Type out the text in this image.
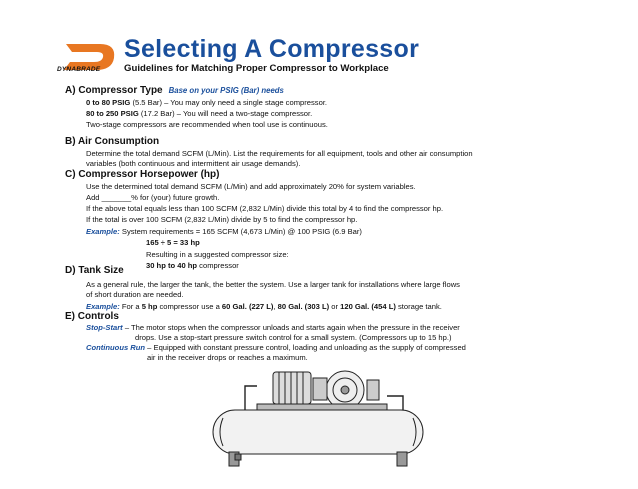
DYNABRADE
Selecting A Compressor
Guidelines for Matching Proper Compressor to Workplace
A) Compressor Type Base on your PSIG (Bar) needs
0 to 80 PSIG (5.5 Bar) – You may only need a single stage compressor.
80 to 250 PSIG (17.2 Bar) – You will need a two-stage compressor.
Two-stage compressors are recommended when tool use is continuous.
B) Air Consumption
Determine the total demand SCFM (L/Min). List the requirements for all equipment, tools and other air consumption
variables (both continuous and intermittent air usage demands).
C) Compressor Horsepower (hp)
Use the determined total demand SCFM (L/Min) and add approximately 20% for system variables.
Add _______% for (your) future growth.
If the above total equals less than 100 SCFM (2,832 L/Min) divide this total by 4 to find the compressor hp.
If the total is over 100 SCFM (2,832 L/Min) divide by 5 to find the compressor hp.
Example: System requirements = 165 SCFM (4,673 L/Min) @ 100 PSIG (6.9 Bar)
165 ÷ 5 = 33 hp
Resulting in a suggested compressor size:
30 hp to 40 hp compressor
D) Tank Size
As a general rule, the larger the tank, the better the system. Use a larger tank for installations where large flows
of short duration are needed.
Example: For a 5 hp compressor use a 60 Gal. (227 L), 80 Gal. (303 L) or 120 Gal. (454 L) storage tank.
E) Controls
Stop-Start – The motor stops when the compressor unloads and starts again when the pressure in the receiver
drops. Use a stop-start pressure switch control for a small system. (Compressors up to 15 hp.)
Continuous Run – Equipped with constant pressure control, loading and unloading as the supply of compressed
air in the receiver drops or reaches a maximum.
